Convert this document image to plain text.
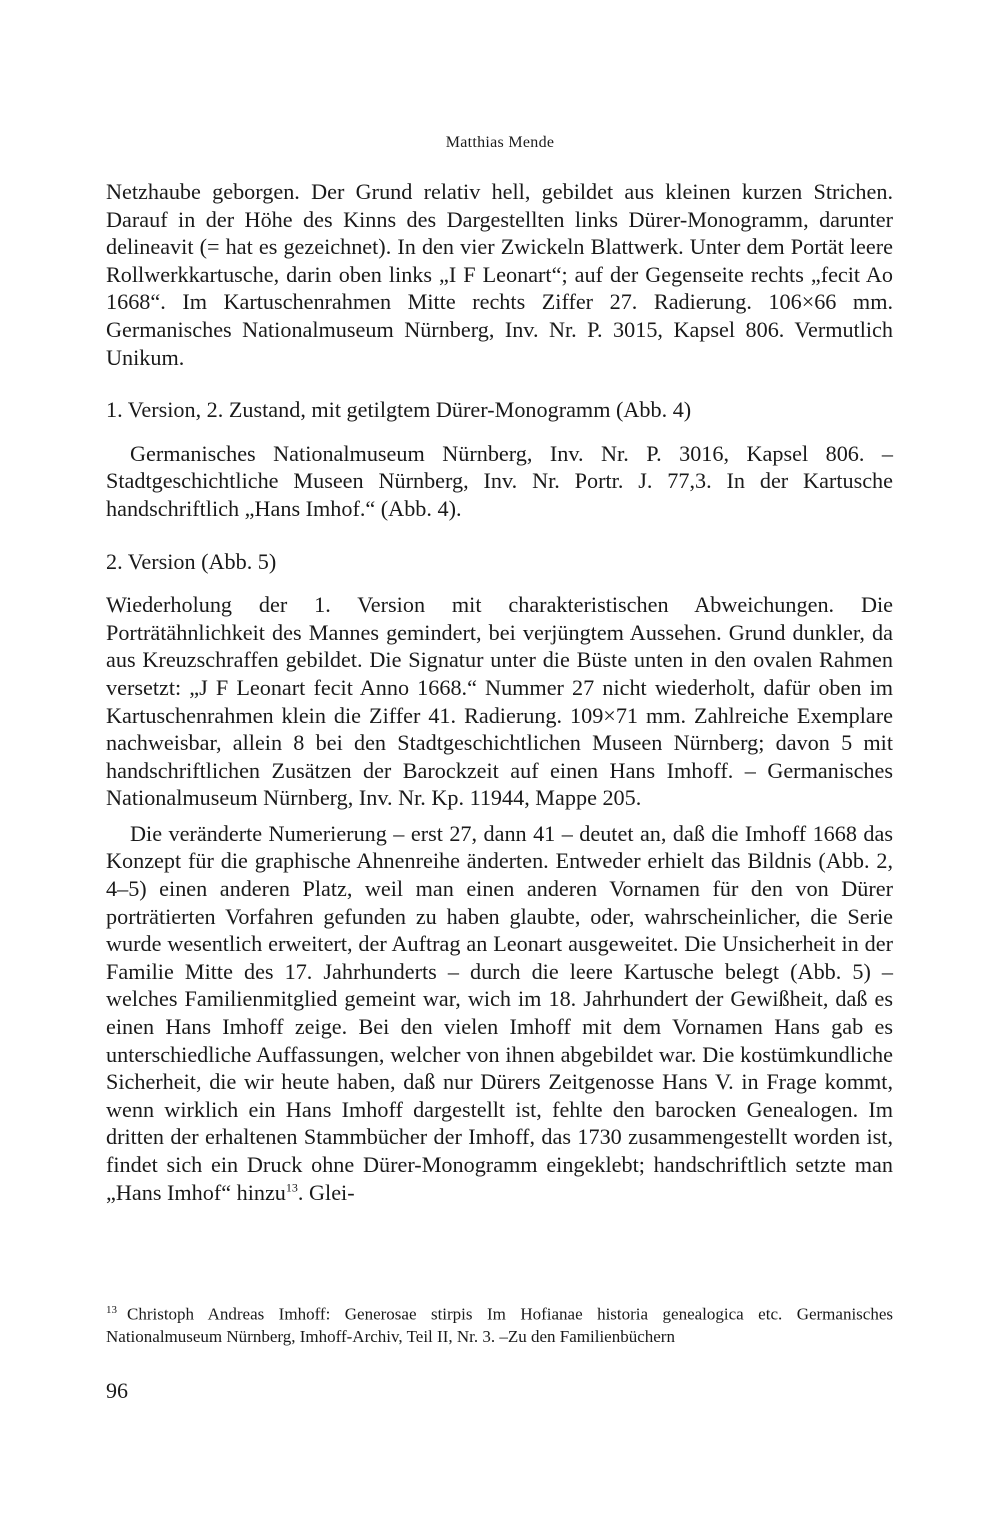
Matthias Mende

Netzhaube geborgen. Der Grund relativ hell, gebildet aus kleinen kurzen Strichen. Darauf in der Höhe des Kinns des Dargestellten links Dürer-Monogramm, darunter delineavit (= hat es gezeichnet). In den vier Zwickeln Blattwerk. Unter dem Portät leere Rollwerkkartusche, darin oben links „I F Leonart“; auf der Gegenseite rechts „fecit Ao 1668“. Im Kartuschenrahmen Mitte rechts Ziffer 27. Radierung. 106×66 mm. Germanisches Nationalmuseum Nürnberg, Inv. Nr. P. 3015, Kapsel 806. Vermutlich Unikum.

1. Version, 2. Zustand, mit getilgtem Dürer-Monogramm (Abb. 4)

Germanisches Nationalmuseum Nürnberg, Inv. Nr. P. 3016, Kapsel 806. – Stadtgeschichtliche Museen Nürnberg, Inv. Nr. Portr. J. 77,3. In der Kartusche handschriftlich „Hans Imhof.“ (Abb. 4).

2. Version (Abb. 5)

Wiederholung der 1. Version mit charakteristischen Abweichungen. Die Porträtähnlichkeit des Mannes gemindert, bei verjüngtem Aussehen. Grund dunkler, da aus Kreuzschraffen gebildet. Die Signatur unter die Büste unten in den ovalen Rahmen versetzt: „J F Leonart fecit Anno 1668.“ Nummer 27 nicht wiederholt, dafür oben im Kartuschenrahmen klein die Ziffer 41. Radierung. 109×71 mm. Zahlreiche Exemplare nachweisbar, allein 8 bei den Stadtgeschichtlichen Museen Nürnberg; davon 5 mit handschriftlichen Zusätzen der Barockzeit auf einen Hans Imhoff. – Germanisches Nationalmuseum Nürnberg, Inv. Nr. Kp. 11944, Mappe 205.

Die veränderte Numerierung – erst 27, dann 41 – deutet an, daß die Imhoff 1668 das Konzept für die graphische Ahnenreihe änderten. Entweder erhielt das Bildnis (Abb. 2, 4–5) einen anderen Platz, weil man einen anderen Vornamen für den von Dürer porträtierten Vorfahren gefunden zu haben glaubte, oder, wahrscheinlicher, die Serie wurde wesentlich erweitert, der Auftrag an Leonart ausgeweitet. Die Unsicherheit in der Familie Mitte des 17. Jahrhunderts – durch die leere Kartusche belegt (Abb. 5) – welches Familienmitglied gemeint war, wich im 18. Jahrhundert der Gewißheit, daß es einen Hans Imhoff zeige. Bei den vielen Imhoff mit dem Vornamen Hans gab es unterschiedliche Auffassungen, welcher von ihnen abgebildet war. Die kostümkundliche Sicherheit, die wir heute haben, daß nur Dürers Zeitgenosse Hans V. in Frage kommt, wenn wirklich ein Hans Imhoff dargestellt ist, fehlte den barocken Genealogen. Im dritten der erhaltenen Stammbücher der Imhoff, das 1730 zusammengestellt worden ist, findet sich ein Druck ohne Dürer-Monogramm eingeklebt; handschriftlich setzte man „Hans Imhof“ hinzu$^{13}$. Glei-

$^{13}$ Christoph Andreas Imhoff: Generosae stirpis Im Hofianae historia genealogica etc. Germanisches Nationalmuseum Nürnberg, Imhoff-Archiv, Teil II, Nr. 3. –Zu den Familienbüchern
96
